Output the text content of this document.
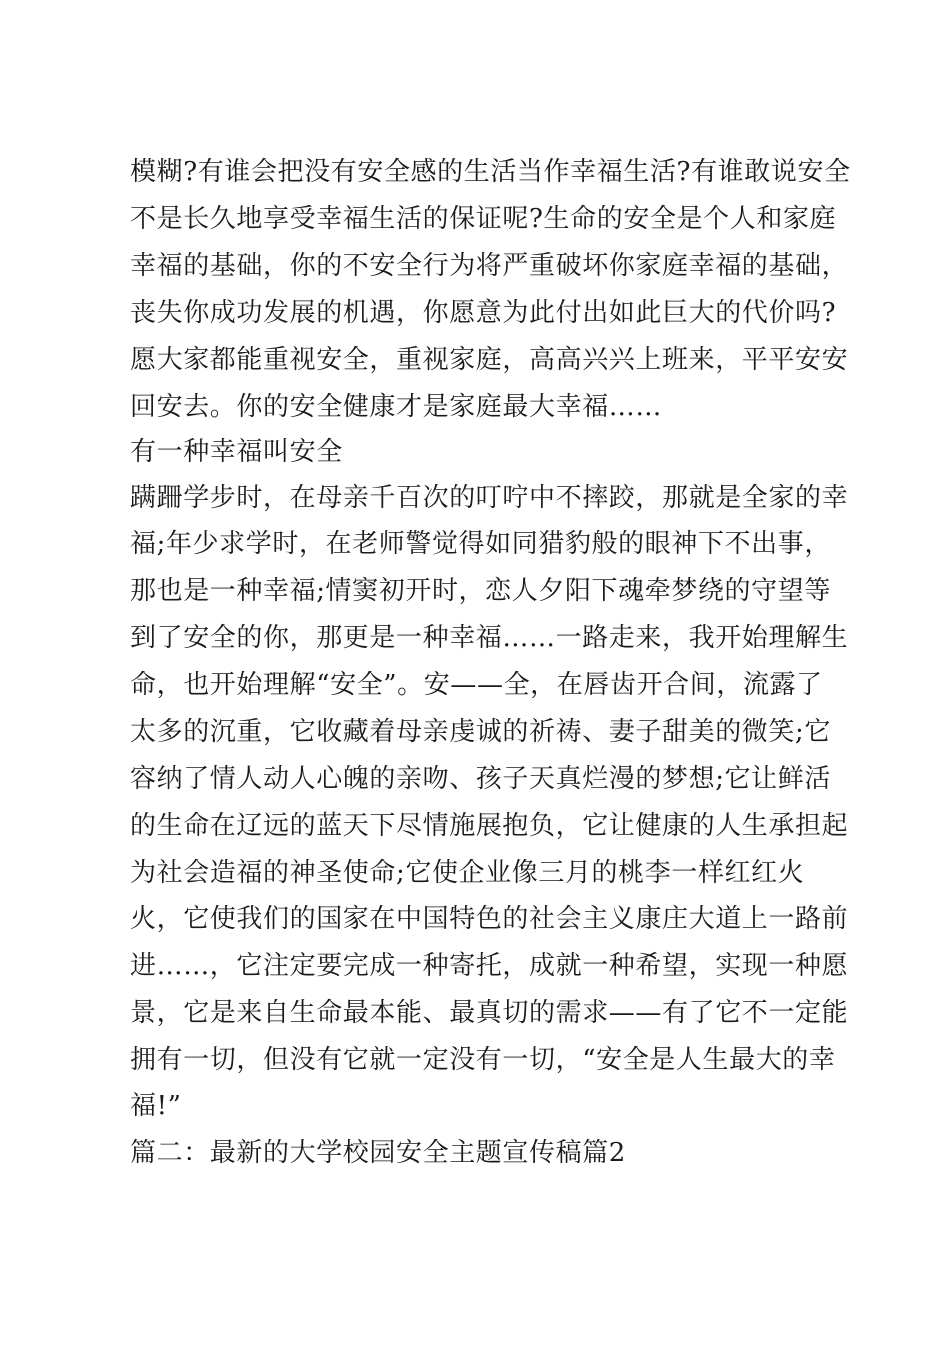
模糊?有谁会把没有安全感的生活当作幸福生活?有谁敢说安全
不是长久地享受幸福生活的保证呢?生命的安全是个人和家庭
幸福的基础，你的不安全行为将严重破坏你家庭幸福的基础，
丧失你成功发展的机遇，你愿意为此付出如此巨大的代价吗?
愿大家都能重视安全，重视家庭，高高兴兴上班来，平平安安
回安去。你的安全健康才是家庭最大幸福……
有一种幸福叫安全
蹒跚学步时，在母亲千百次的叮咛中不摔跤，那就是全家的幸
福;年少求学时，在老师警觉得如同猎豹般的眼神下不出事，
那也是一种幸福;情窦初开时，恋人夕阳下魂牵梦绕的守望等
到了安全的你，那更是一种幸福……一路走来，我开始理解生
命，也开始理解“安全”。安——全，在唇齿开合间，流露了
太多的沉重，它收藏着母亲虔诚的祈祷、妻子甜美的微笑;它
容纳了情人动人心魄的亲吻、孩子天真烂漫的梦想;它让鲜活
的生命在辽远的蓝天下尽情施展抱负，它让健康的人生承担起
为社会造福的神圣使命;它使企业像三月的桃李一样红红火
火，它使我们的国家在中国特色的社会主义康庄大道上一路前
进……，它注定要完成一种寄托，成就一种希望，实现一种愿
景，它是来自生命最本能、最真切的需求——有了它不一定能
拥有一切，但没有它就一定没有一切，“安全是人生最大的幸
福!”
篇二：最新的大学校园安全主题宣传稿篇2
